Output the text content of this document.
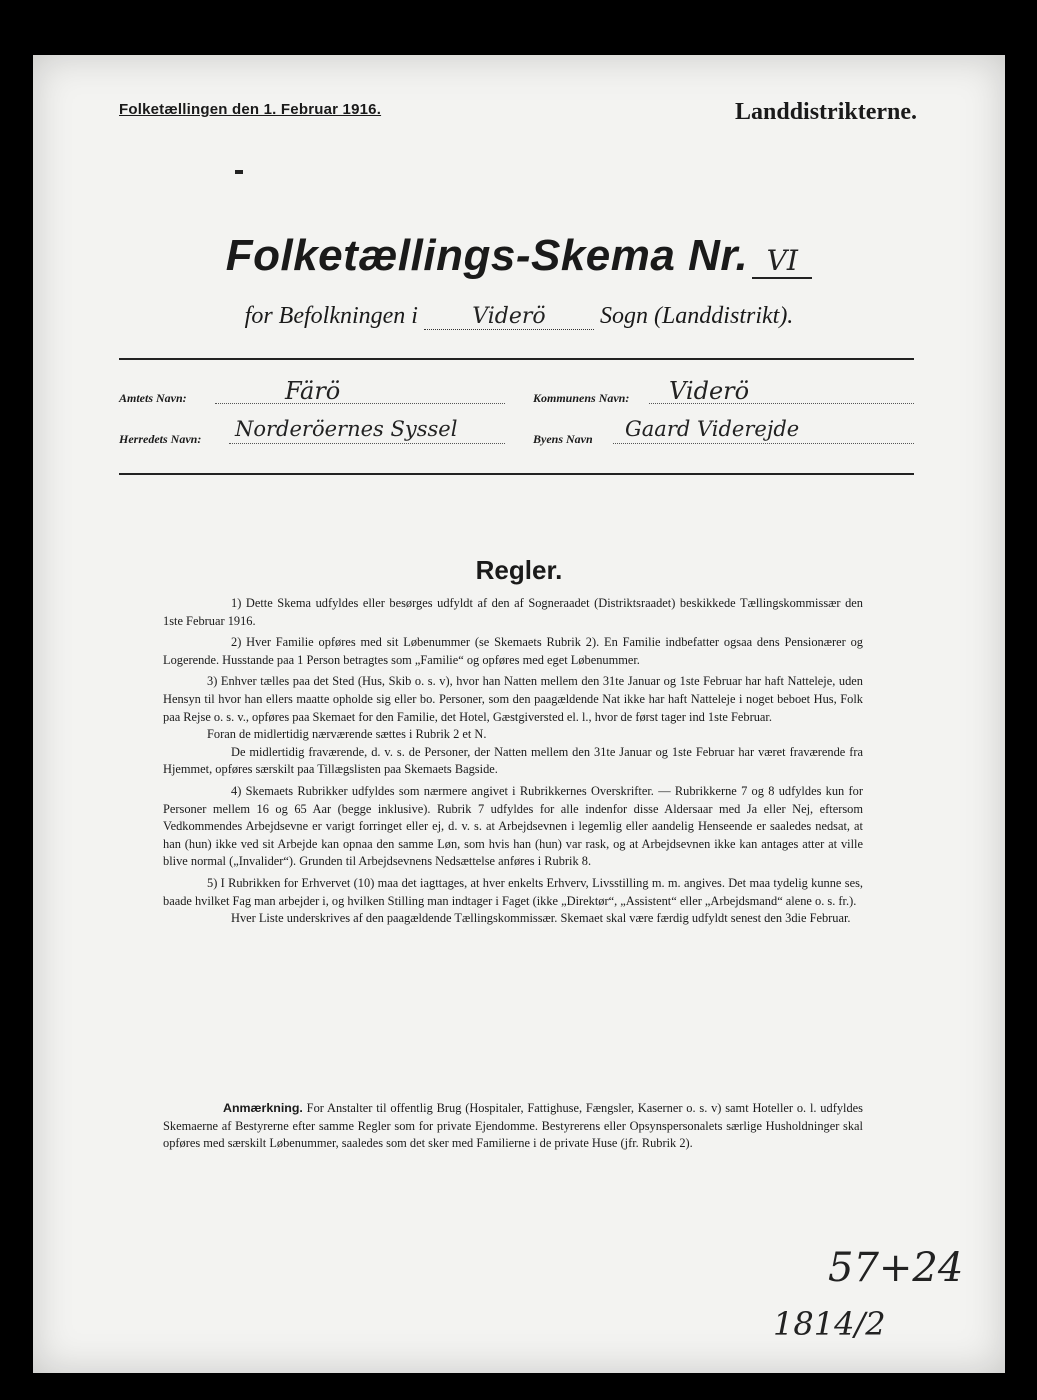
Folketællingen den 1. Februar 1916.	Landdistrikterne.
Folketællings-Skema Nr. VI
for Befolkningen i Viderö Sogn (Landdistrikt).
Amtets Navn:	Färö	Kommunens Navn:	Viderö
Herredets Navn: Norderöernes Syssel	Byens Navn	Gaard Viderejde
Regler.

1) Dette Skema udfyldes eller besørges udfyldt af den af Sognerаadet (Distriktsraadet) beskikkede Tællingskommissær den 1ste Februar 1916.

2) Hver Familie opføres med sit Løbenummer (se Skemaets Rubrik 2). En Familie indbefatter ogsaa dens Pensionærer og Logerende. Husstande paa 1 Person betragtes som „Familie“ og opføres med eget Løbenummer.

3) Enhver tælles paa det Sted (Hus, Skib o. s. v), hvor han Natten mellem den 31te Januar og 1ste Februar har haft Natteleje, uden Hensyn til hvor han ellers maatte opholde sig eller bo. Personer, som den paagældende Nat ikke har haft Natteleje i noget beboet Hus, Folk paa Rejse o. s. v., opføres paa Skemaet for den Familie, det Hotel, Gæstgiversted el. l., hvor de først tager ind 1ste Februar.

Foran de midlertidig nærværende sættes i Rubrik 2 et N.

De midlertidig fraværende, d. v. s. de Personer, der Natten mellem den 31te Januar og 1ste Februar har været fraværende fra Hjemmet, opføres særskilt paa Tillægslisten paa Skemaets Bagside.

4) Skemaets Rubrikker udfyldes som nærmere angivet i Rubrikkernes Overskrifter. — Rubrikkerne 7 og 8 udfyldes kun for Personer mellem 16 og 65 Aar (begge inklusive). Rubrik 7 udfyldes for alle indenfor disse Aldersaar med Ja eller Nej, eftersom Vedkommendes Arbejdsevne er varigt forringet eller ej, d. v. s. at Arbejdsevnen i legemlig eller aandelig Henseende er saaledes nedsat, at han (hun) ikke ved sit Arbejde kan opnaa den samme Løn, som hvis han (hun) var rask, og at Arbejdsevnen ikke kan antages atter at ville blive normal („Invalider“). Grunden til Arbejdsevnens Nedsættelse anføres i Rubrik 8.

5) I Rubrikken for Erhvervet (10) maa det iagttages, at hver enkelts Erhverv, Livsstilling m. m. angives. Det maa tydelig kunne ses, baade hvilket Fag man arbejder i, og hvilken Stilling man indtager i Faget (ikke „Direktør“, „Assistent“ eller „Arbejdsmand“ alene o. s. fr.).

Hver Liste underskrives af den paagældende Tællingskommissær. Skemaet skal være færdig udfyldt senest den 3die Februar.

Anmærkning. For Anstalter til offentlig Brug (Hospitaler, Fattighuse, Fængsler, Kaserner o. s. v) samt Hoteller o. l. udfyldes Skemaerne af Bestyrerne efter samme Regler som for private Ejendomme. Bestyrerens eller Opsynspersonalets særlige Husholdninger skal opføres med særskilt Løbenummer, saaledes som det sker med Familierne i de private Huse (jfr. Rubrik 2).
57+24
1814/2
